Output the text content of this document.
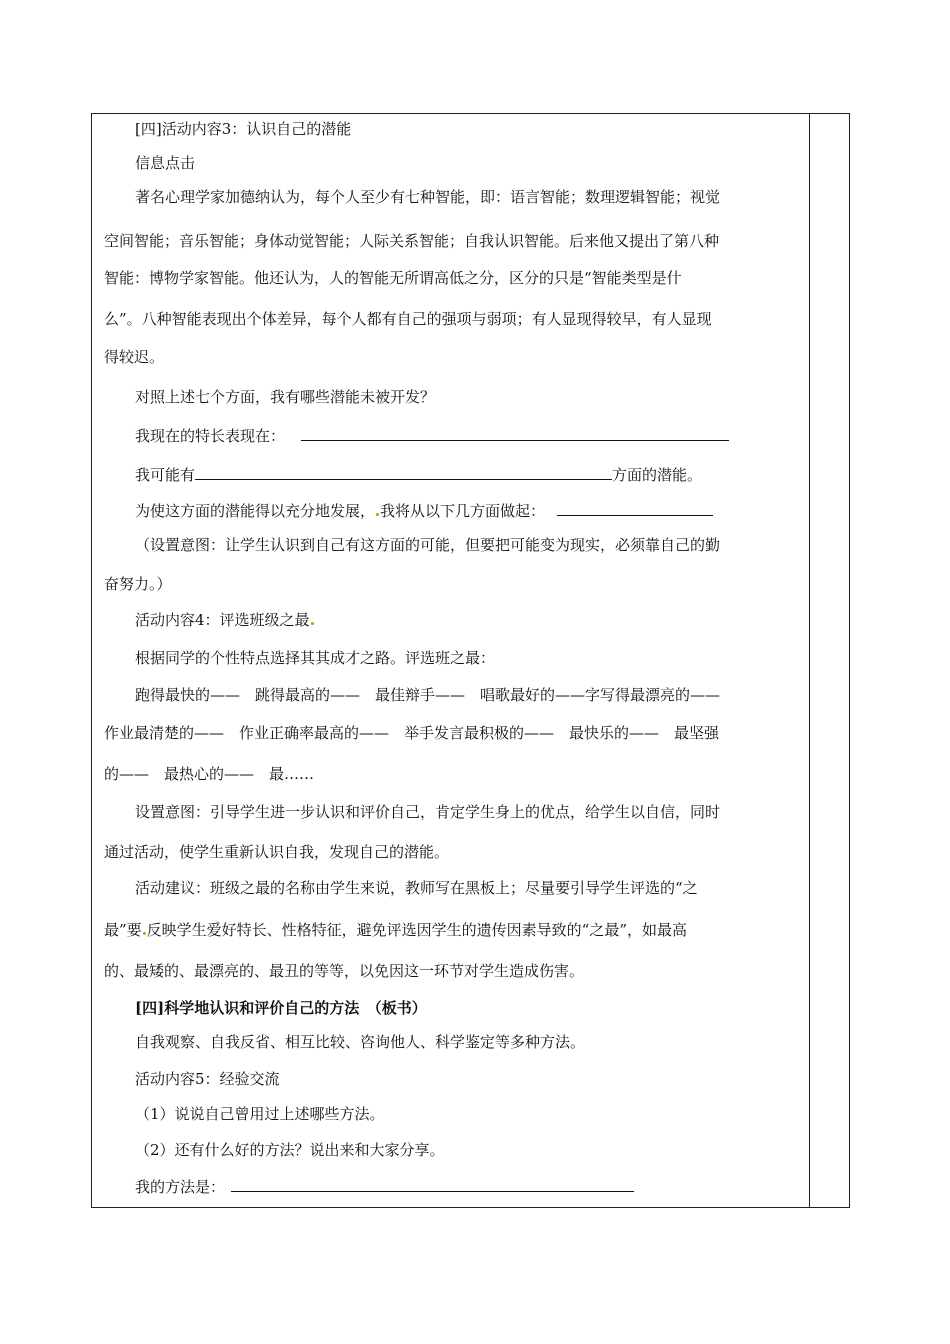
[四]活动内容3：认识自己的潜能
信息点击
著名心理学家加德纳认为，每个人至少有七种智能，即：语言智能；数理逻辑智能；视觉
空间智能；音乐智能；身体动觉智能；人际关系智能；自我认识智能。后来他又提出了第八种
智能：博物学家智能。他还认为，人的智能无所谓高低之分，区分的只是“智能类型是什
么”。八种智能表现出个体差异，每个人都有自己的强项与弱项；有人显现得较早，有人显现
得较迟。
对照上述七个方面，我有哪些潜能未被开发？
我现在的特长表现在：
我可能有	方面的潜能。
为使这方面的潜能得以充分地发展， 我将从以下几方面做起：
（设置意图：让学生认识到自己有这方面的可能，但要把可能变为现实，必须靠自己的勤
奋努力。）
活动内容4：评选班级之最
根据同学的个性特点选择其其成才之路。评选班之最：
跑得最快的——　跳得最高的——　最佳辩手——　唱歌最好的——字写得最漂亮的——
作业最清楚的——　作业正确率最高的——　举手发言最积极的——　最快乐的——　最坚强
的——　最热心的——　最……
设置意图：引导学生进一步认识和评价自己，肯定学生身上的优点，给学生以自信，同时
通过活动，使学生重新认识自我，发现自己的潜能。
活动建议：班级之最的名称由学生来说，教师写在黑板上；尽量要引导学生评选的“之
最”要 反映学生爱好特长、性格特征，避免评选因学生的遗传因素导致的“之最”，如最高
的、最矮的、最漂亮的、最丑的等等，以免因这一环节对学生造成伤害。
[四]科学地认识和评价自己的方法　（板书）
自我观察、自我反省、相互比较、咨询他人、科学鉴定等多种方法。
活动内容5：经验交流
（1）说说自己曾用过上述哪些方法。
（2）还有什么好的方法？说出来和大家分享。
我的方法是：
